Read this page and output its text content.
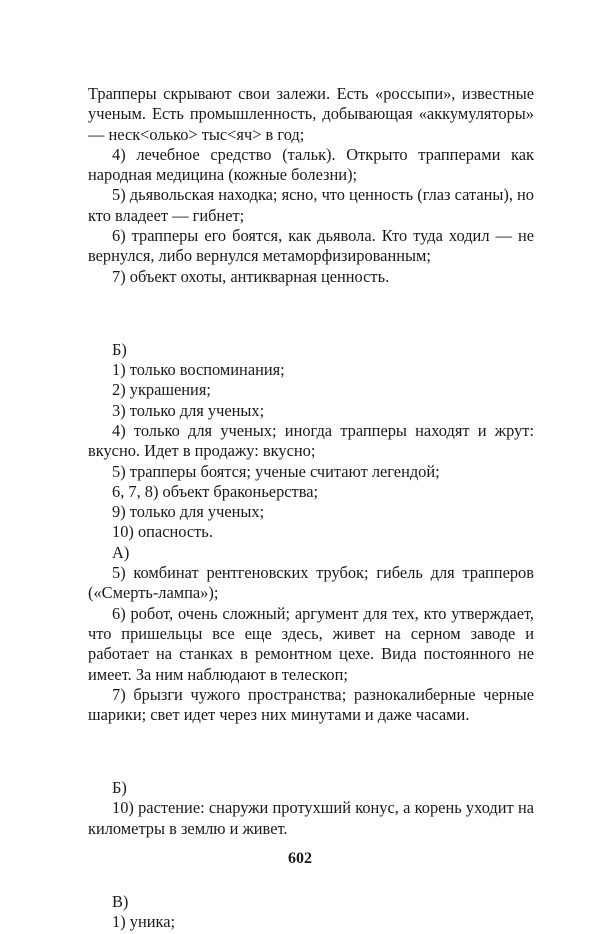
Трапперы скрывают свои залежи. Есть «россыпи», известные ученым. Есть промышленность, добывающая «аккумуляторы» — неск<олько> тыс<яч> в год;

4) лечебное средство (тальк). Открыто трапперами как народная медицина (кожные болезни);

5) дьявольская находка; ясно, что ценность (глаз сатаны), но кто владеет — гибнет;

6) трапперы его боятся, как дьявола. Кто туда ходил — не вернулся, либо вернулся метаморфизированным;

7) объект охоты, антикварная ценность.

Б)

1) только воспоминания;

2) украшения;

3) только для ученых;

4) только для ученых; иногда трапперы находят и жрут: вкусно. Идет в продажу: вкусно;

5) трапперы боятся; ученые считают легендой;

6, 7, 8) объект браконьерства;

9) только для ученых;

10) опасность.

А)

5) комбинат рентгеновских трубок; гибель для трапперов («Смерть-лампа»);

6) робот, очень сложный; аргумент для тех, кто утверждает, что пришельцы все еще здесь, живет на серном заводе и работает на станках в ремонтном цехе. Вида постоянного не имеет. За ним наблюдают в телескоп;

7) брызги чужого пространства; разнокалиберные черные шарики; свет идет через них минутами и даже часами.

Б)

10) растение: снаружи протухший конус, а корень уходит на километры в землю и живет.

В)

1) уника;

602
